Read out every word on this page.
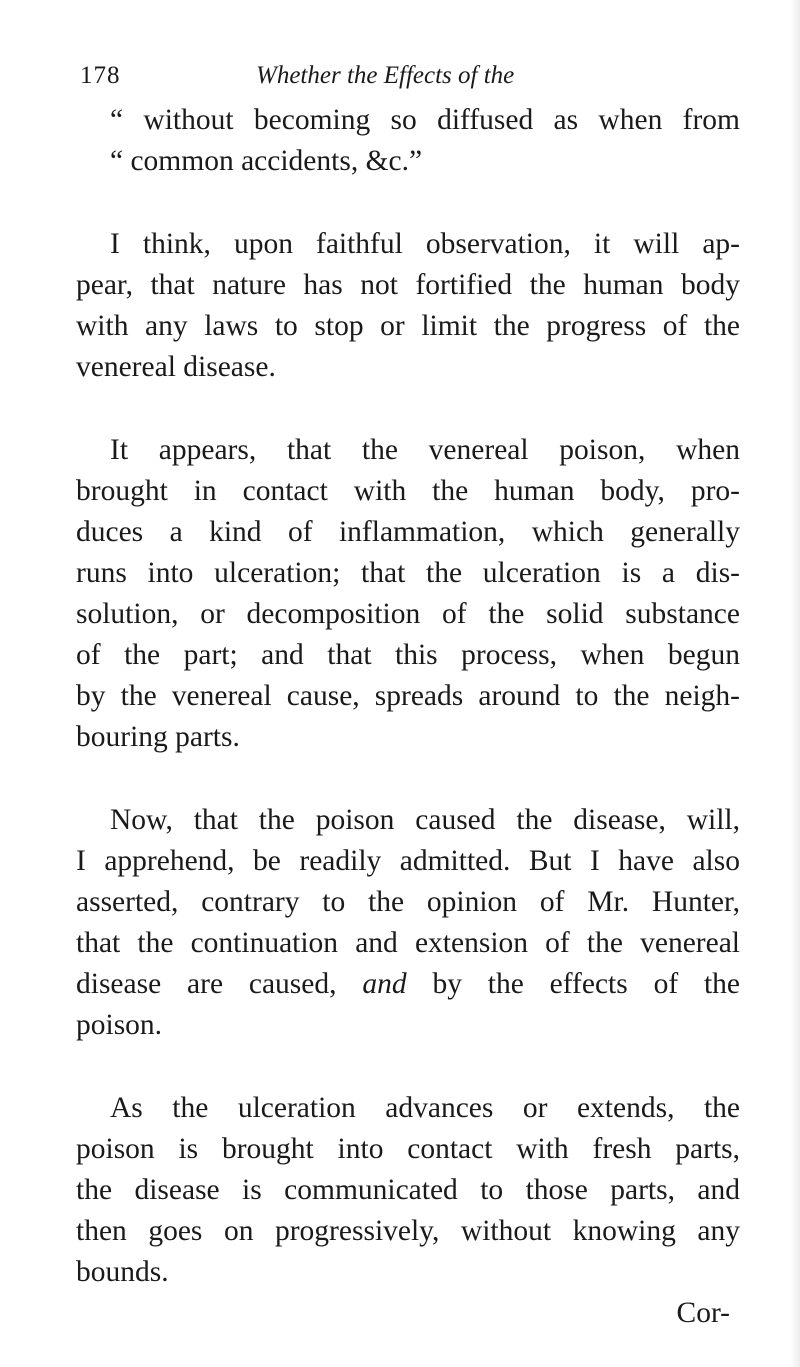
178	Whether the Effects of the
“ without becoming so diffused as when from
“ common accidents, &c.”
I think, upon faithful observation, it will ap-
pear, that nature has not fortified the human body
with any laws to stop or limit the progress of the
venereal disease.
It appears, that the venereal poison, when
brought in contact with the human body, pro-
duces a kind of inflammation, which generally
runs into ulceration; that the ulceration is a dis-
solution, or decomposition of the solid substance
of the part; and that this process, when begun
by the venereal cause, spreads around to the neigh-
bouring parts.
Now, that the poison caused the disease, will,
I apprehend, be readily admitted. But I have also
asserted, contrary to the opinion of Mr. Hunter,
that the continuation and extension of the venereal
disease are caused, and by the effects of the
poison.
As the ulceration advances or extends, the
poison is brought into contact with fresh parts,
the disease is communicated to those parts, and
then goes on progressively, without knowing any
bounds.
Cor-
